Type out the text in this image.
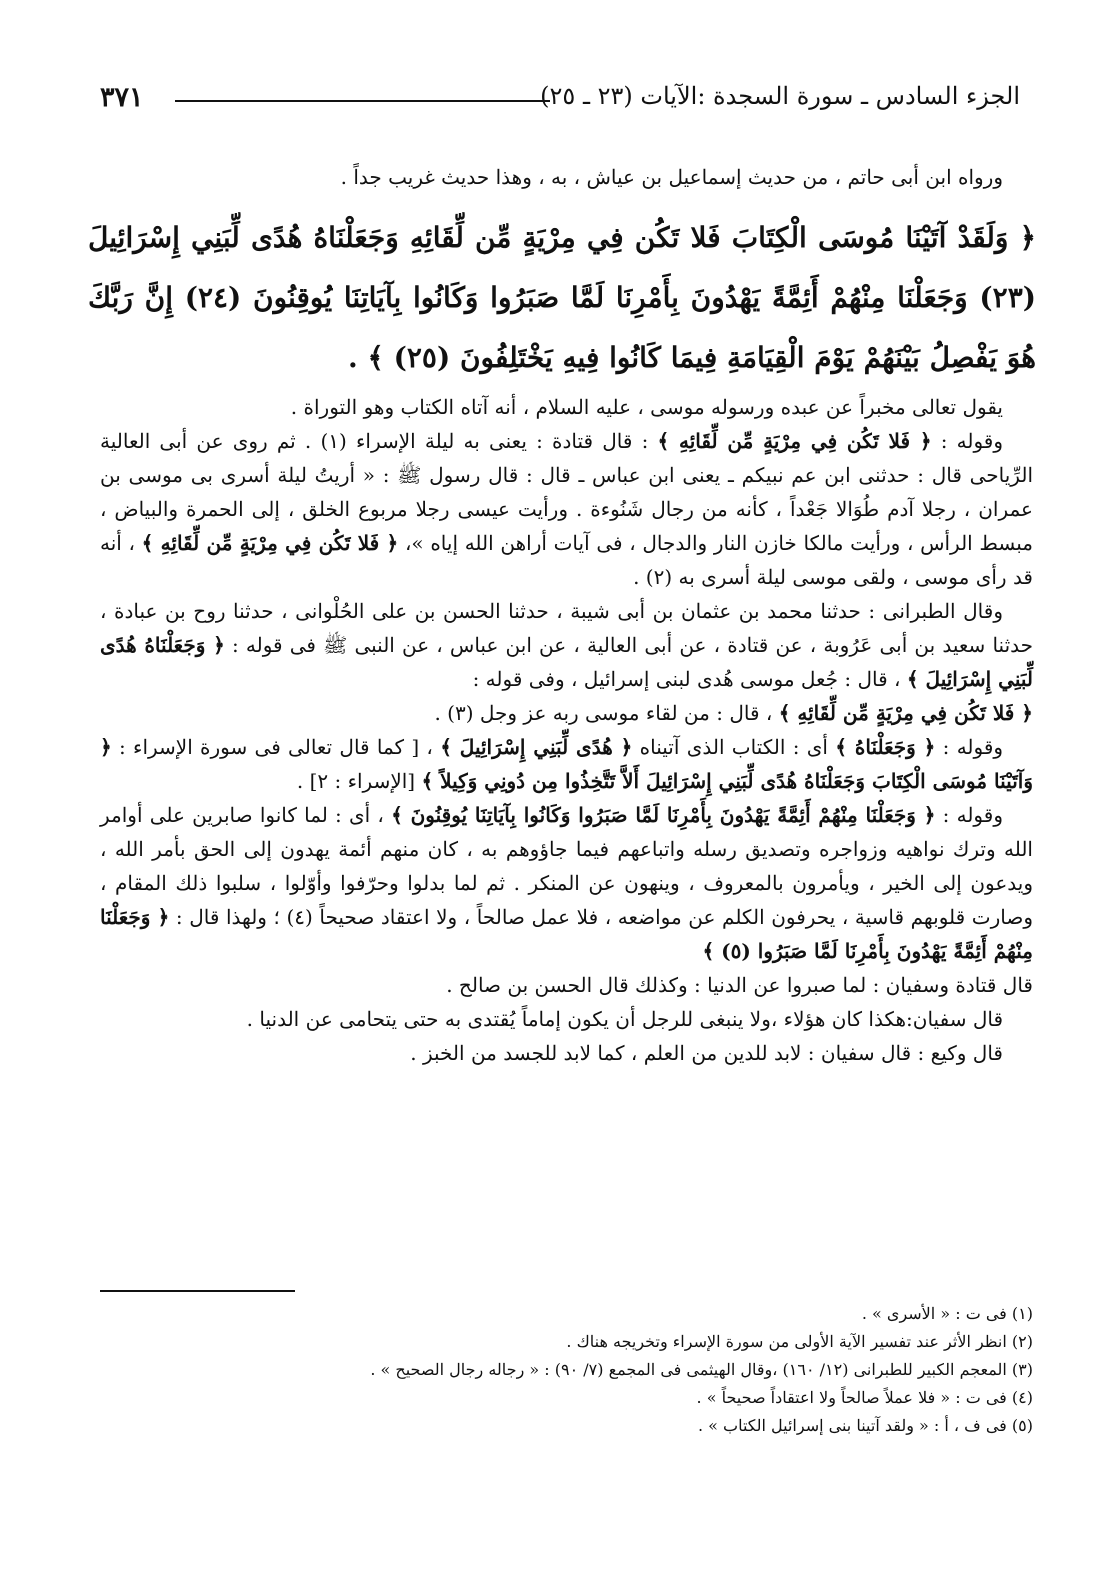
الجزء السادس ـ سورة السجدة :الآيات (٢٣ ـ ٢٥)
٣٧١

ورواه ابن أبى حاتم ، من حديث إسماعيل بن عياش ، به ، وهذا حديث غريب جداً .

﴿ وَلَقَدْ آتَيْنَا مُوسَى الْكِتَابَ فَلا تَكُن فِي مِرْيَةٍ مِّن لِّقَائِهِ وَجَعَلْنَاهُ هُدًى لِّبَنِي إِسْرَائِيلَ (٢٣) وَجَعَلْنَا مِنْهُمْ أَئِمَّةً يَهْدُونَ بِأَمْرِنَا لَمَّا صَبَرُوا وَكَانُوا بِآيَاتِنَا يُوقِنُونَ (٢٤) إِنَّ رَبَّكَ هُوَ يَفْصِلُ بَيْنَهُمْ يَوْمَ الْقِيَامَةِ فِيمَا كَانُوا فِيهِ يَخْتَلِفُونَ (٢٥) ﴾ .

يقول تعالى مخبراً عن عبده ورسوله موسى ، عليه السلام ، أنه آتاه الكتاب وهو التوراة .

وقوله : ﴿ فَلا تَكُن فِي مِرْيَةٍ مِّن لِّقَائِهِ ﴾ : قال قتادة : يعنى به ليلة الإسراء (١) . ثم روى عن أبى العالية الرِّياحى قال : حدثنى ابن عم نبيكم ـ يعنى ابن عباس ـ قال : قال رسول ﷺ : « أريتُ ليلة أسرى بى موسى بن عمران ، رجلا آدم طُوَالا جَعْداً ، كأنه من رجال شَنُوءة . ورأيت عيسى رجلا مربوع الخلق ، إلى الحمرة والبياض ، مبسط الرأس ، ورأيت مالكا خازن النار والدجال ، فى آيات أراهن الله إياه »، ﴿ فَلا تَكُن فِي مِرْيَةٍ مِّن لِّقَائِهِ ﴾ ، أنه قد رأى موسى ، ولقى موسى ليلة أسرى به (٢) .

وقال الطبرانى : حدثنا محمد بن عثمان بن أبى شيبة ، حدثنا الحسن بن على الحُلْوانى ، حدثنا روح بن عبادة ، حدثنا سعيد بن أبى عَرُوبة ، عن قتادة ، عن أبى العالية ، عن ابن عباس ، عن النبى ﷺ فى قوله : ﴿ وَجَعَلْنَاهُ هُدًى لِّبَنِي إِسْرَائِيلَ ﴾ ، قال : جُعل موسى هُدى لبنى إسرائيل ، وفى قوله :

﴿ فَلا تَكُن فِي مِرْيَةٍ مِّن لِّقَائِهِ ﴾ ، قال : من لقاء موسى ربه عز وجل (٣) .

وقوله : ﴿ وَجَعَلْنَاهُ ﴾ أى : الكتاب الذى آتيناه ﴿ هُدًى لِّبَنِي إِسْرَائِيلَ ﴾ ، [ كما قال تعالى فى سورة الإسراء : ﴿ وَآتَيْنَا مُوسَى الْكِتَابَ وَجَعَلْنَاهُ هُدًى لِّبَنِي إِسْرَائِيلَ أَلاَّ تَتَّخِذُوا مِن دُونِي وَكِيلاً ﴾ [الإسراء : ٢] .

وقوله : ﴿ وَجَعَلْنَا مِنْهُمْ أَئِمَّةً يَهْدُونَ بِأَمْرِنَا لَمَّا صَبَرُوا وَكَانُوا بِآيَاتِنَا يُوقِنُونَ ﴾ ، أى : لما كانوا صابرين على أوامر الله وترك نواهيه وزواجره وتصديق رسله واتباعهم فيما جاؤوهم به ، كان منهم أئمة يهدون إلى الحق بأمر الله ، ويدعون إلى الخير ، ويأمرون بالمعروف ، وينهون عن المنكر . ثم لما بدلوا وحرّفوا وأوّلوا ، سلبوا ذلك المقام ، وصارت قلوبهم قاسية ، يحرفون الكلم عن مواضعه ، فلا عمل صالحاً ، ولا اعتقاد صحيحاً (٤) ؛ ولهذا قال : ﴿ وَجَعَلْنَا مِنْهُمْ أَئِمَّةً يَهْدُونَ بِأَمْرِنَا لَمَّا صَبَرُوا (٥) ﴾

قال قتادة وسفيان : لما صبروا عن الدنيا : وكذلك قال الحسن بن صالح .

قال سفيان:هكذا كان هؤلاء ،ولا ينبغى للرجل أن يكون إماماً يُقتدى به حتى يتحامى عن الدنيا .

قال وكيع : قال سفيان : لابد للدين من العلم ، كما لابد للجسد من الخبز .

(١) فى ت : « الأسرى » .

(٢) انظر الأثر عند تفسير الآية الأولى من سورة الإسراء وتخريجه هناك .

(٣) المعجم الكبير للطبرانى (١٢/ ١٦٠) ،وقال الهيثمى فى المجمع (٧/ ٩٠) : « رجاله رجال الصحيح » .

(٤) فى ت : « فلا عملاً صالحاً ولا اعتقاداً صحيحاً » .

(٥) فى ف ، أ : « ولقد آتينا بنى إسرائيل الكتاب » .
